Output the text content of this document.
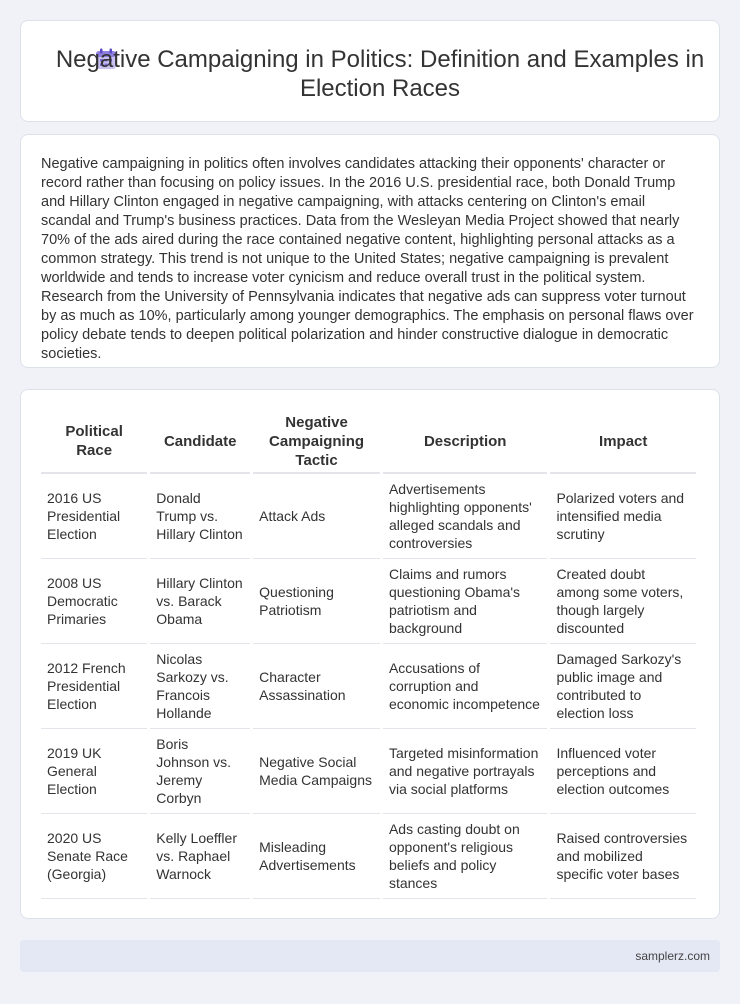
Negative Campaigning in Politics: Definition and Examples in Election Races

Negative campaigning in politics often involves candidates attacking their opponents' character or record rather than focusing on policy issues. In the 2016 U.S. presidential race, both Donald Trump and Hillary Clinton engaged in negative campaigning, with attacks centering on Clinton's email scandal and Trump's business practices. Data from the Wesleyan Media Project showed that nearly 70% of the ads aired during the race contained negative content, highlighting personal attacks as a common strategy. This trend is not unique to the United States; negative campaigning is prevalent worldwide and tends to increase voter cynicism and reduce overall trust in the political system. Research from the University of Pennsylvania indicates that negative ads can suppress voter turnout by as much as 10%, particularly among younger demographics. The emphasis on personal flaws over policy debate tends to deepen political polarization and hinder constructive dialogue in democratic societies.

Political Race	Candidate	Negative Campaigning Tactic	Description	Impact
2016 US Presidential Election	Donald Trump vs. Hillary Clinton	Attack Ads	Advertisements highlighting opponents' alleged scandals and controversies	Polarized voters and intensified media scrutiny
2008 US Democratic Primaries	Hillary Clinton vs. Barack Obama	Questioning Patriotism	Claims and rumors questioning Obama's patriotism and background	Created doubt among some voters, though largely discounted
2012 French Presidential Election	Nicolas Sarkozy vs. Francois Hollande	Character Assassination	Accusations of corruption and economic incompetence	Damaged Sarkozy's public image and contributed to election loss
2019 UK General Election	Boris Johnson vs. Jeremy Corbyn	Negative Social Media Campaigns	Targeted misinformation and negative portrayals via social platforms	Influenced voter perceptions and election outcomes
2020 US Senate Race (Georgia)	Kelly Loeffler vs. Raphael Warnock	Misleading Advertisements	Ads casting doubt on opponent's religious beliefs and policy stances	Raised controversies and mobilized specific voter bases
samplerz.com
